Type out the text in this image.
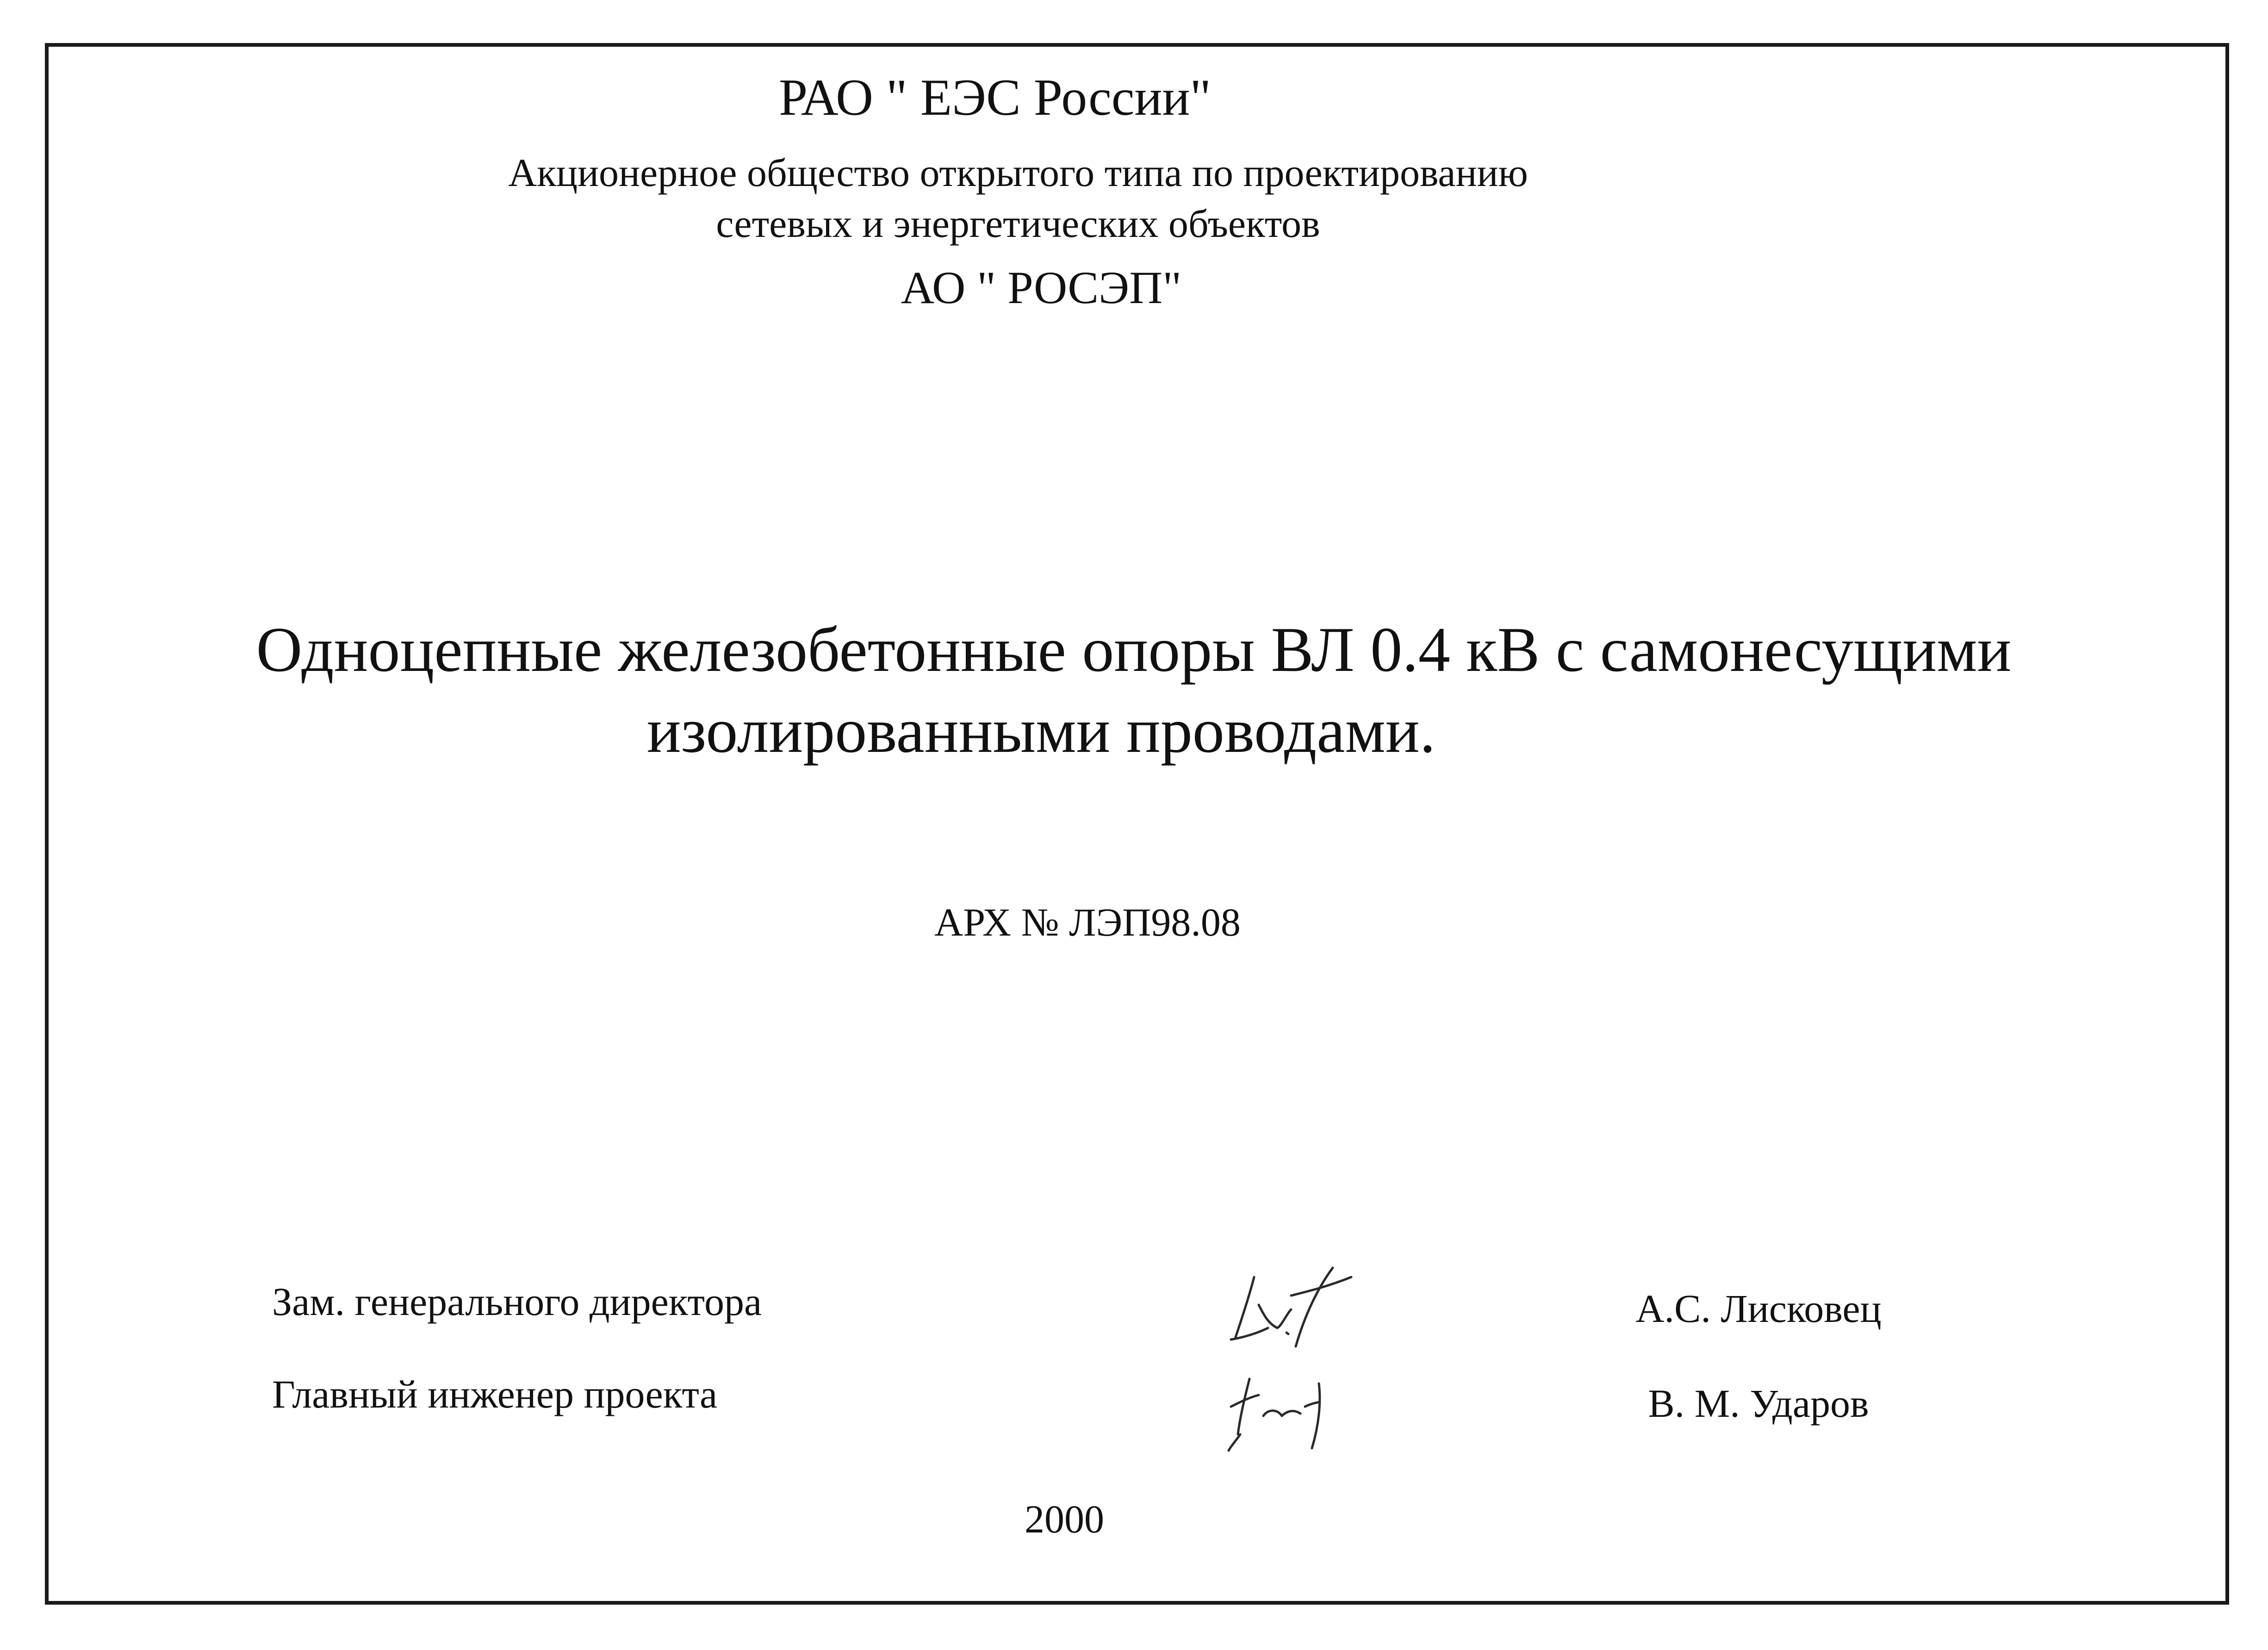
РАО " ЕЭС России"
Акционерное общество открытого типа по проектированию
сетевых и энергетических объектов
АО " РОСЭП"
Одноцепные железобетонные опоры ВЛ 0.4 кВ с самонесущими
изолированными проводами.
АРХ № ЛЭП98.08
Зам. генерального директора
Главный инженер проекта
А.С. Лисковец
В. М. Ударов
2000
